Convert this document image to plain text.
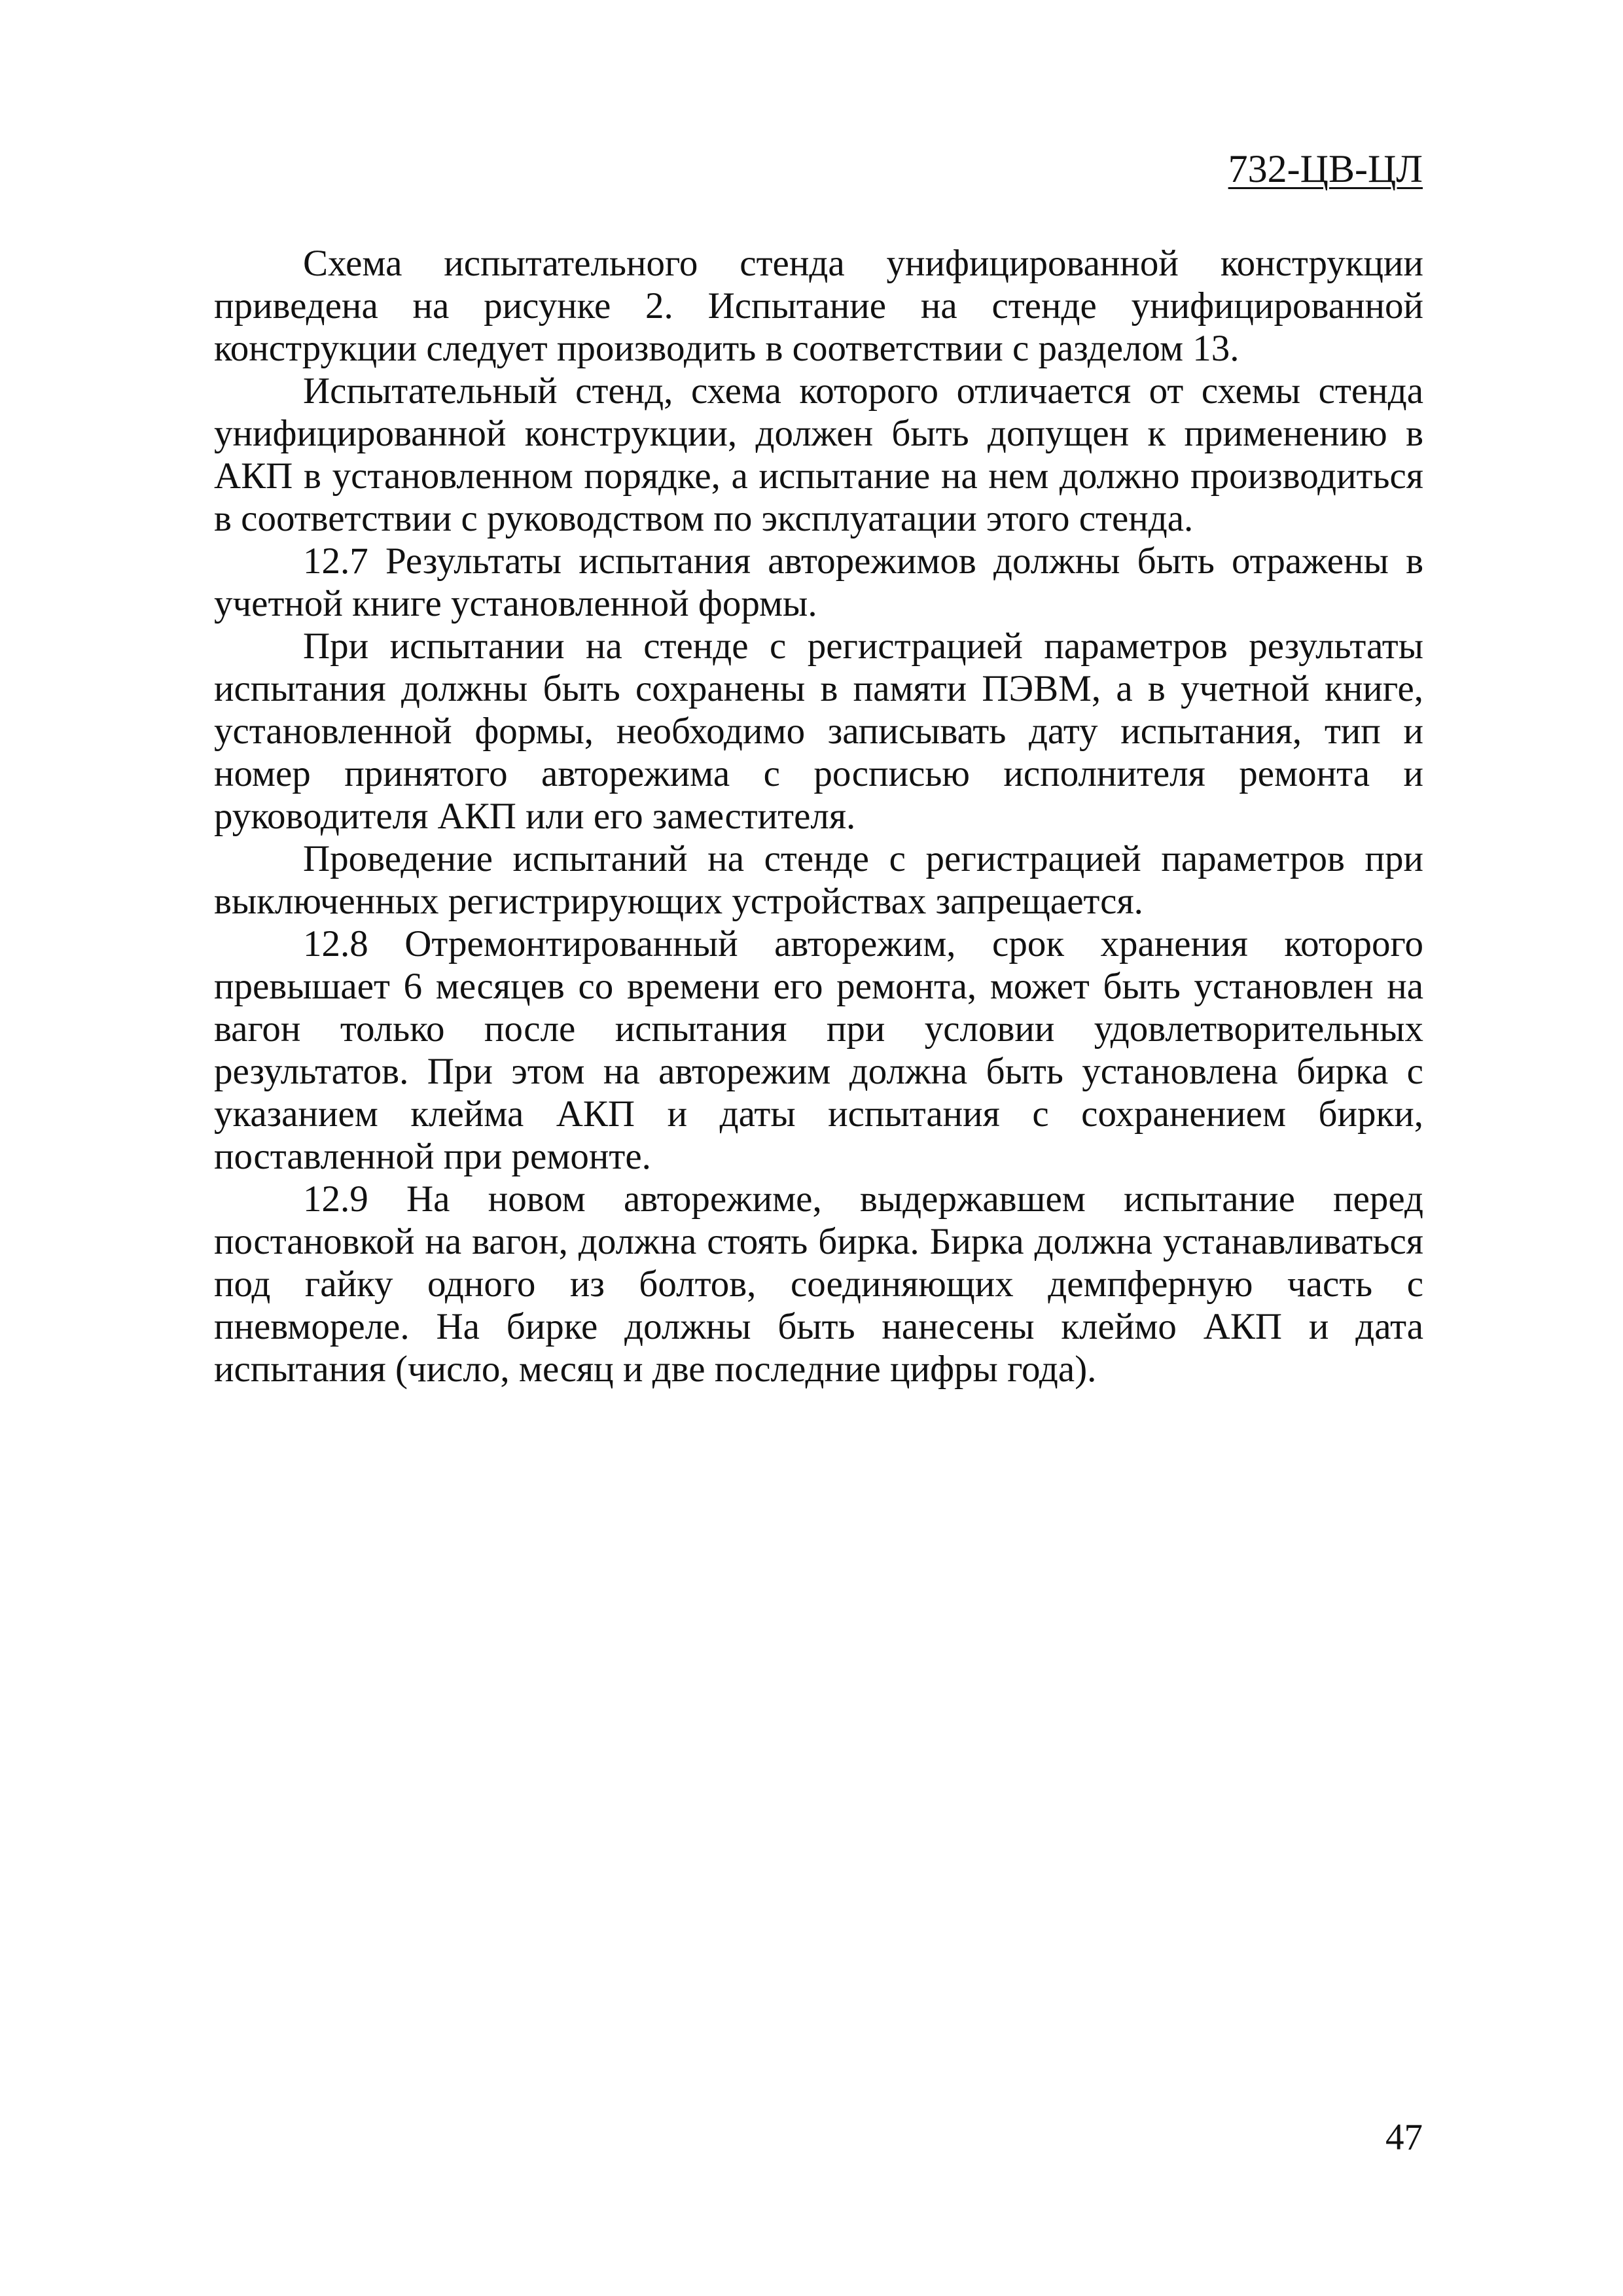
732-ЦВ-ЦЛ

Схема испытательного стенда унифицированной конструкции приведена на рисунке 2. Испытание на стенде унифицированной конструкции следует производить в соответствии с разделом 13.

Испытательный стенд, схема которого отличается от схемы стенда унифицированной конструкции, должен быть допущен к применению в АКП в установленном порядке, а испытание на нем должно производиться в соответствии с руководством по эксплуатации этого стенда.

12.7 Результаты испытания авторежимов должны быть отражены в учетной книге установленной формы.

При испытании на стенде с регистрацией параметров результаты испытания должны быть сохранены в памяти ПЭВМ, а в учетной книге, установленной формы, необходимо записывать дату испытания, тип и номер принятого авторежима с росписью исполнителя ремонта и руководителя АКП или его заместителя.

Проведение испытаний на стенде с регистрацией параметров при выключенных регистрирующих устройствах запрещается.

12.8 Отремонтированный авторежим, срок хранения которого превышает 6 месяцев со времени его ремонта, может быть установлен на вагон только после испытания при условии удовлетворительных результатов. При этом на авторежим должна быть установлена бирка с указанием клейма АКП и даты испытания с сохранением бирки, поставленной при ремонте.

12.9 На новом авторежиме, выдержавшем испытание перед постановкой на вагон, должна стоять бирка. Бирка должна устанавливаться под гайку одного из болтов, соединяющих демпферную часть с пневмореле. На бирке должны быть нанесены клеймо АКП и дата испытания (число, месяц и две последние цифры года).

47
